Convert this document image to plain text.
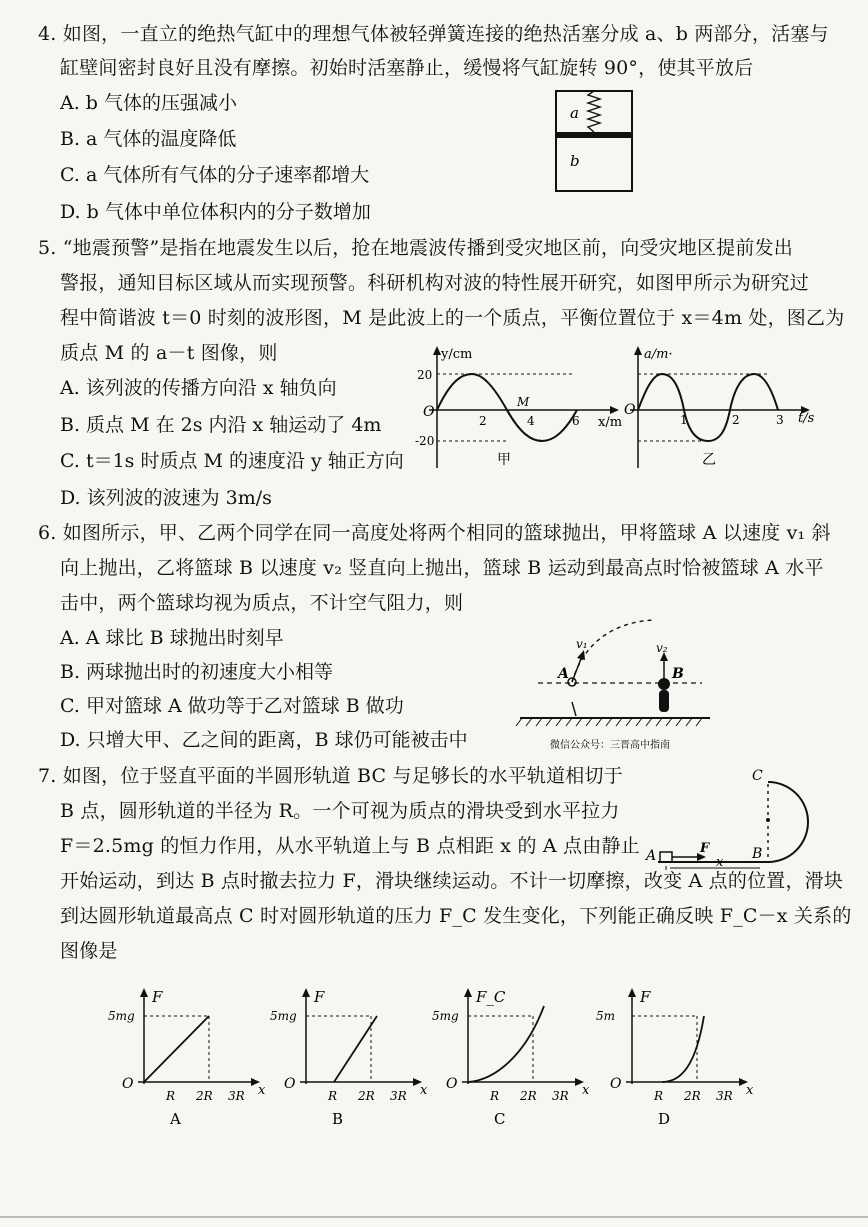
4. 如图，一直立的绝热气缸中的理想气体被轻弹簧连接的绝热活塞分成 a、b 两部分，活塞与
缸壁间密封良好且没有摩擦。初始时活塞静止，缓慢将气缸旋转 90°，使其平放后
A. b 气体的压强减小
B. a 气体的温度降低
C. a 气体所有气体的分子速率都增大
D. b 气体中单位体积内的分子数增加
a
b
5. “地震预警”是指在地震发生以后，抢在地震波传播到受灾地区前，向受灾地区提前发出
警报，通知目标区域从而实现预警。科研机构对波的特性展开研究，如图甲所示为研究过
程中简谐波 t＝0 时刻的波形图，M 是此波上的一个质点，平衡位置位于 x＝4m 处，图乙为
质点 M 的 a－t 图像，则
A. 该列波的传播方向沿 x 轴负向
B. 质点 M 在 2s 内沿 x 轴运动了 4m
C. t＝1s 时质点 M 的速度沿 y 轴正方向
D. 该列波的波速为 3m/s
y/cm
20
-20
O
2	4	6
M
x/m
甲
a/m·
O
1	2	3 t/s
乙
6. 如图所示，甲、乙两个同学在同一高度处将两个相同的篮球抛出，甲将篮球 A 以速度 v₁ 斜
向上抛出，乙将篮球 B 以速度 v₂ 竖直向上抛出，篮球 B 运动到最高点时恰被篮球 A 水平
击中，两个篮球均视为质点，不计空气阻力，则
A. A 球比 B 球抛出时刻早
B. 两球抛出时的初速度大小相等
C. 甲对篮球 A 做功等于乙对篮球 B 做功
D. 只增大甲、乙之间的距离，B 球仍可能被击中
A	B
v₁	v₂
微信公众号：三晋高中指南
7. 如图，位于竖直平面的半圆形轨道 BC 与足够长的水平轨道相切于
B 点，圆形轨道的半径为 R。一个可视为质点的滑块受到水平拉力
F＝2.5mg 的恒力作用，从水平轨道上与 B 点相距 x 的 A 点由静止
开始运动，到达 B 点时撤去拉力 F，滑块继续运动。不计一切摩擦，改变 A 点的位置，滑块
到达圆形轨道最高点 C 时对圆形轨道的压力 F_C 发生变化，下列能正确反映 F_C－x 关系的
图像是
C
A	F
x
B
F
5mg
O
R 2R 3R x
A
F
5mg
O
R 2R 3R x
B
F_C
5mg
O
R 2R 3R x
C
F
5m
O
R 2R 3R x
D
